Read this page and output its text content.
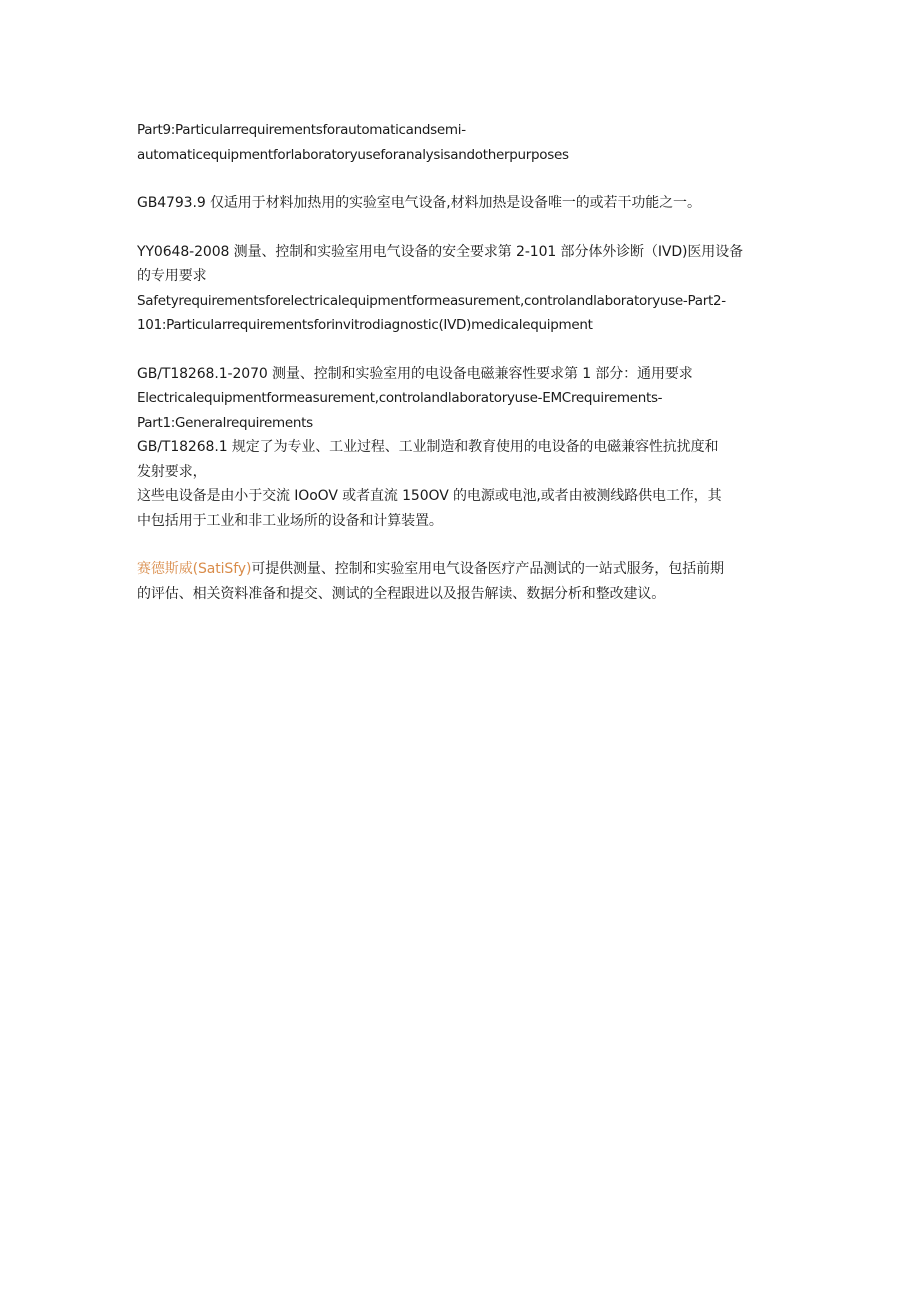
Part9:Particularrequirementsforautomaticandsemi-
automaticequipmentforlaboratoryuseforanalysisandotherpurposes
GB4793.9 仅适用于材料加热用的实验室电气设备,材料加热是设备唯一的或若干功能之一。
YY0648-2008 测量、控制和实验室用电气设备的安全要求第 2-101 部分体外诊断（IVD)医用设备
的专用要求
Safetyrequirementsforelectricalequipmentformeasurement,controlandlaboratoryuse-Part2-
101:Particularrequirementsforinvitrodiagnostic(IVD)medicalequipment
GB/T18268.1-2070 测量、控制和实验室用的电设备电磁兼容性要求第 1 部分：通用要求
Electricalequipmentformeasurement,controlandlaboratoryuse-EMCrequirements-
Part1:Generalrequirements
GB/T18268.1 规定了为专业、工业过程、工业制造和教育使用的电设备的电磁兼容性抗扰度和
发射要求，
这些电设备是由小于交流 IOoOV 或者直流 150OV 的电源或电池,或者由被测线路供电工作，其
中包括用于工业和非工业场所的设备和计算装置。
赛德斯威(SatiSfy)可提供测量、控制和实验室用电气设备医疗产品测试的一站式服务，包括前期
的评估、相关资料准备和提交、测试的全程跟进以及报告解读、数据分析和整改建议。
